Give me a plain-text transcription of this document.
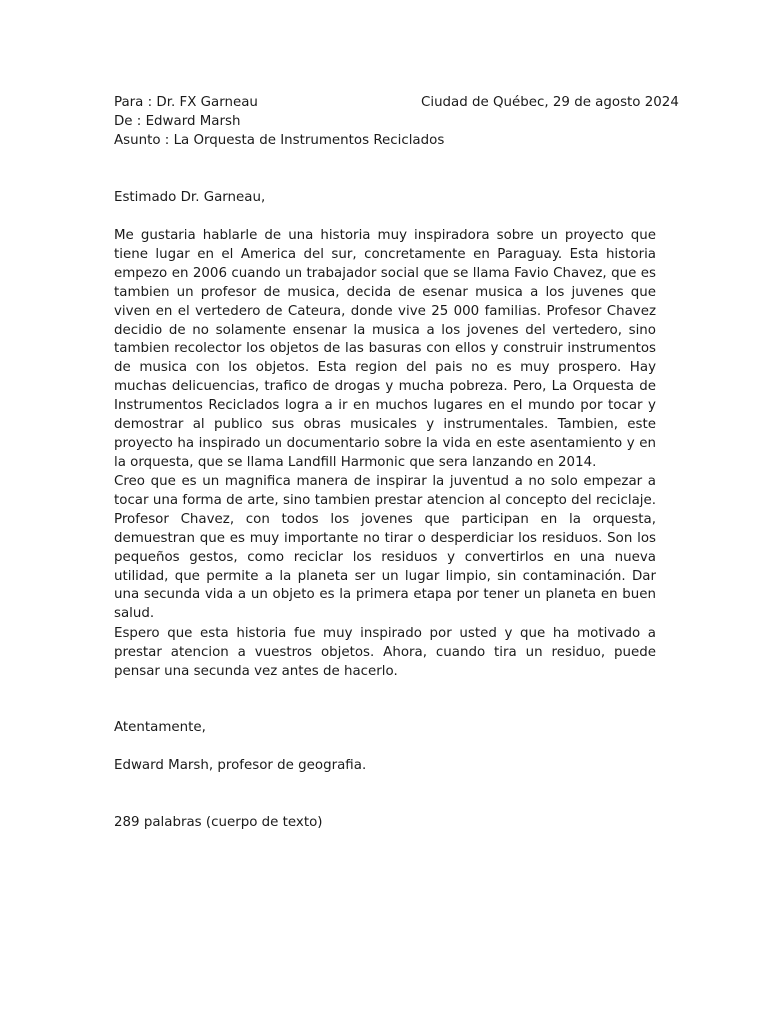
Para : Dr. FX Garneau	Ciudad de Québec, 29 de agosto 2024
De : Edward Marsh
Asunto : La Orquesta de Instrumentos Reciclados
Estimado Dr. Garneau,

Me gustaria hablarle de una historia muy inspiradora sobre un proyecto que tiene lugar en el America del sur, concretamente en Paraguay. Esta historia empezo en 2006 cuando un trabajador social que se llama Favio Chavez, que es tambien un profesor de musica, decida de esenar musica a los juvenes que viven en el vertedero de Cateura, donde vive 25 000 familias. Profesor Chavez decidio de no solamente ensenar la musica a los jovenes del vertedero, sino tambien recolector los objetos de las basuras con ellos y construir instrumentos de musica con los objetos. Esta region del pais no es muy prospero. Hay muchas delicuencias, trafico de drogas y mucha pobreza. Pero, La Orquesta de Instrumentos Reciclados logra a ir en muchos lugares en el mundo por tocar y demostrar al publico sus obras musicales y instrumentales. Tambien, este proyecto ha inspirado un documentario sobre la vida en este asentamiento y en la orquesta, que se llama Landfill Harmonic que sera lanzando en 2014.

Creo que es un magnifica manera de inspirar la juventud a no solo empezar a tocar una forma de arte, sino tambien prestar atencion al concepto del reciclaje. Profesor Chavez, con todos los jovenes que participan en la orquesta, demuestran que es muy importante no tirar o desperdiciar los residuos. Son los pequeños gestos, como reciclar los residuos y convertirlos en una nueva utilidad, que permite a la planeta ser un lugar limpio, sin contaminación. Dar una secunda vida a un objeto es la primera etapa por tener un planeta en buen salud.

Espero que esta historia fue muy inspirado por usted y que ha motivado a prestar atencion a vuestros objetos. Ahora, cuando tira un residuo, puede pensar una secunda vez antes de hacerlo.

Atentamente,
Edward Marsh, profesor de geografia.
289 palabras (cuerpo de texto)
